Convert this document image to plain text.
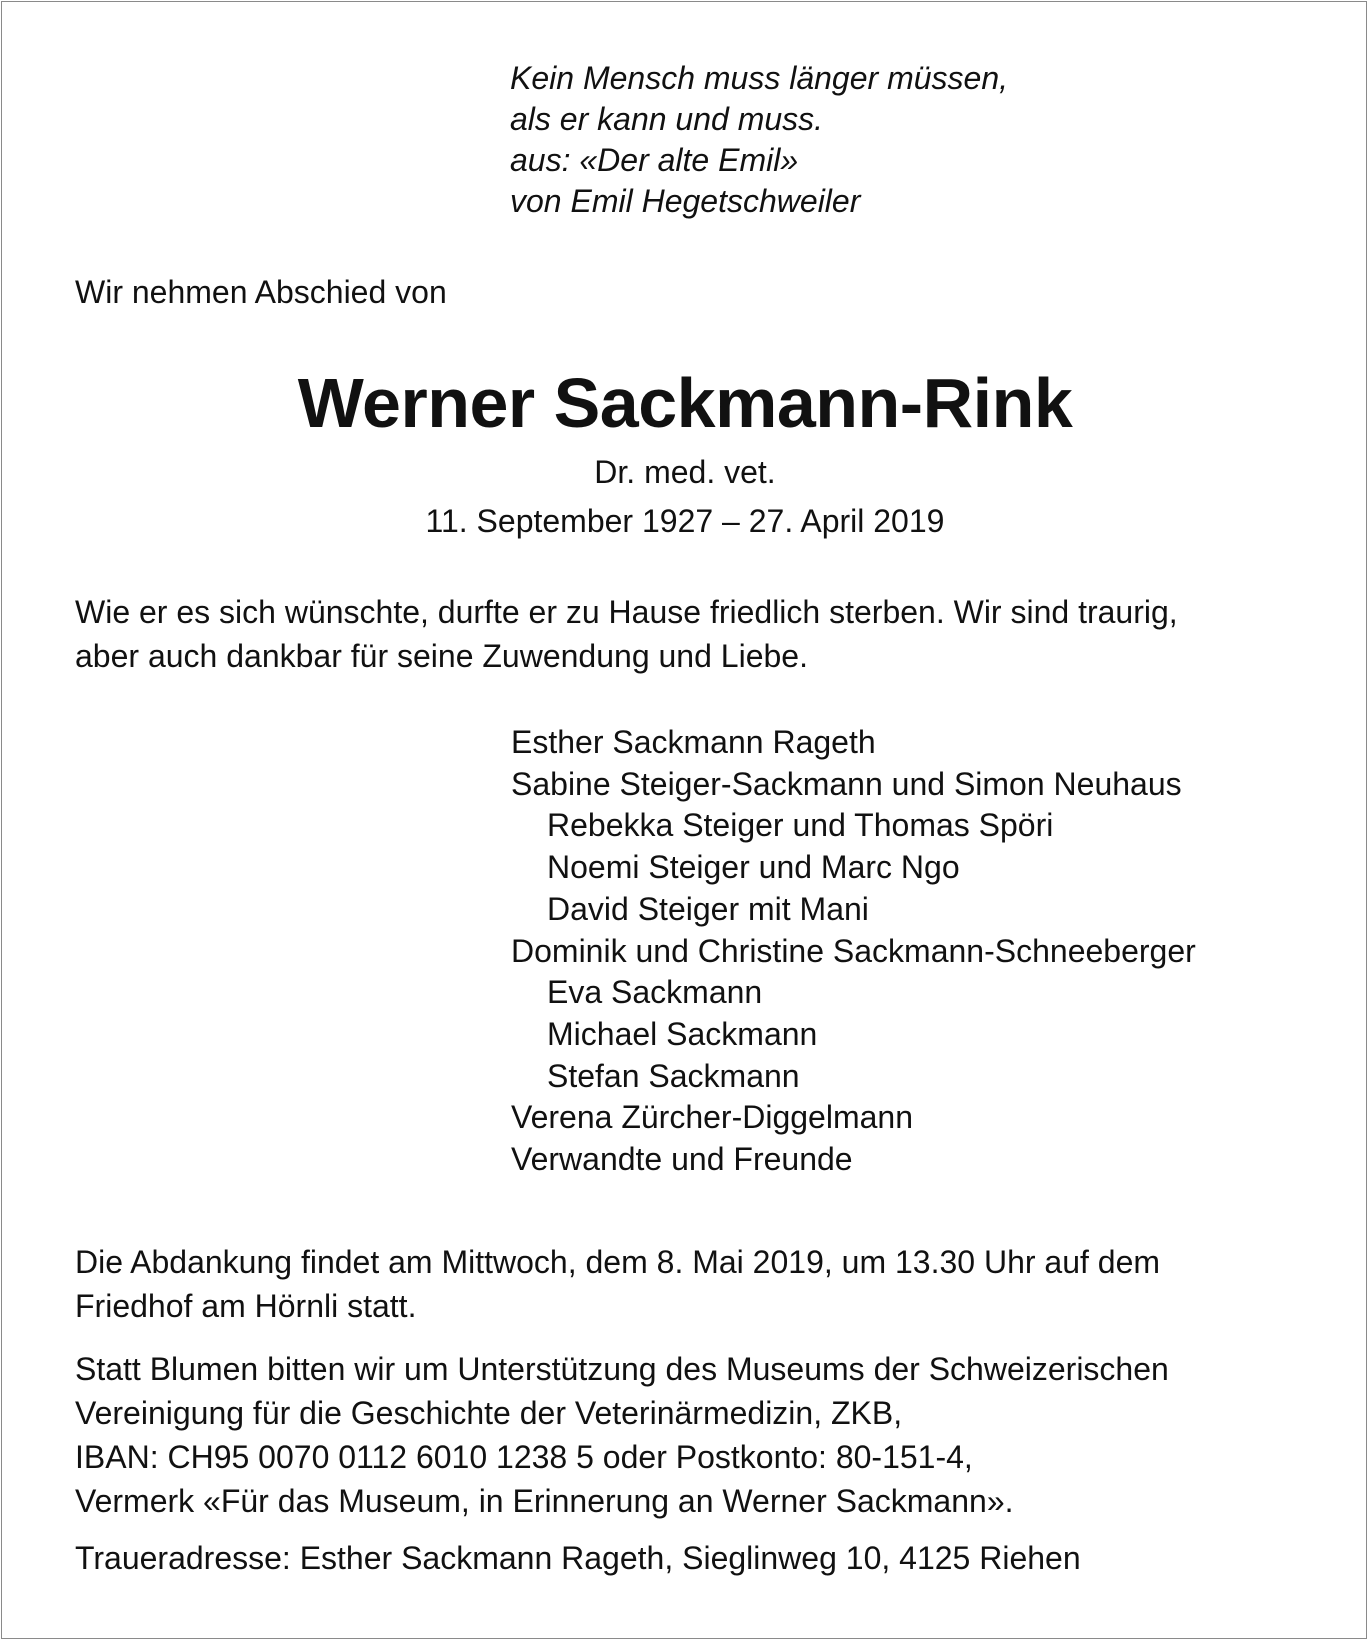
Kein Mensch muss länger müssen,
als er kann und muss.
aus: «Der alte Emil»
von Emil Hegetschweiler
Wir nehmen Abschied von
Werner Sackmann-Rink
Dr. med. vet.
11. September 1927 – 27. April 2019
Wie er es sich wünschte, durfte er zu Hause friedlich sterben. Wir sind traurig,
aber auch dankbar für seine Zuwendung und Liebe.
Esther Sackmann Rageth
Sabine Steiger-Sackmann und Simon Neuhaus
Rebekka Steiger und Thomas Spöri
Noemi Steiger und Marc Ngo
David Steiger mit Mani
Dominik und Christine Sackmann-Schneeberger
Eva Sackmann
Michael Sackmann
Stefan Sackmann
Verena Zürcher-Diggelmann
Verwandte und Freunde
Die Abdankung findet am Mittwoch, dem 8. Mai 2019, um 13.30 Uhr auf dem
Friedhof am Hörnli statt.
Statt Blumen bitten wir um Unterstützung des Museums der Schweizerischen
Vereinigung für die Geschichte der Veterinärmedizin, ZKB,
IBAN: CH95 0070 0112 6010 1238 5 oder Postkonto: 80-151-4,
Vermerk «Für das Museum, in Erinnerung an Werner Sackmann».
Traueradresse: Esther Sackmann Rageth, Sieglinweg 10, 4125 Riehen
